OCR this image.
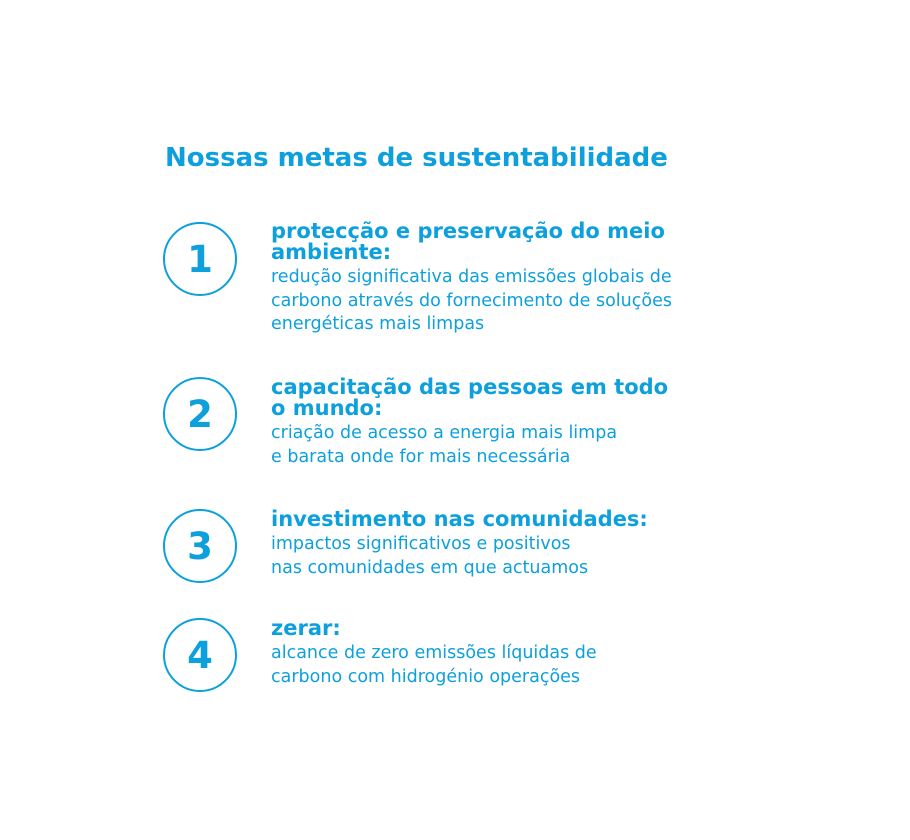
Nossas metas de sustentabilidade
1
protecção e preservação do meio
ambiente:

redução significativa das emissões globais de
carbono através do fornecimento de soluções
energéticas mais limpas

2
capacitação das pessoas em todo
o mundo:

criação de acesso a energia mais limpa
e barata onde for mais necessária

3
investimento nas comunidades:

impactos significativos e positivos
nas comunidades em que actuamos

4
zerar:

alcance de zero emissões líquidas de
carbono com hidrogénio operações
